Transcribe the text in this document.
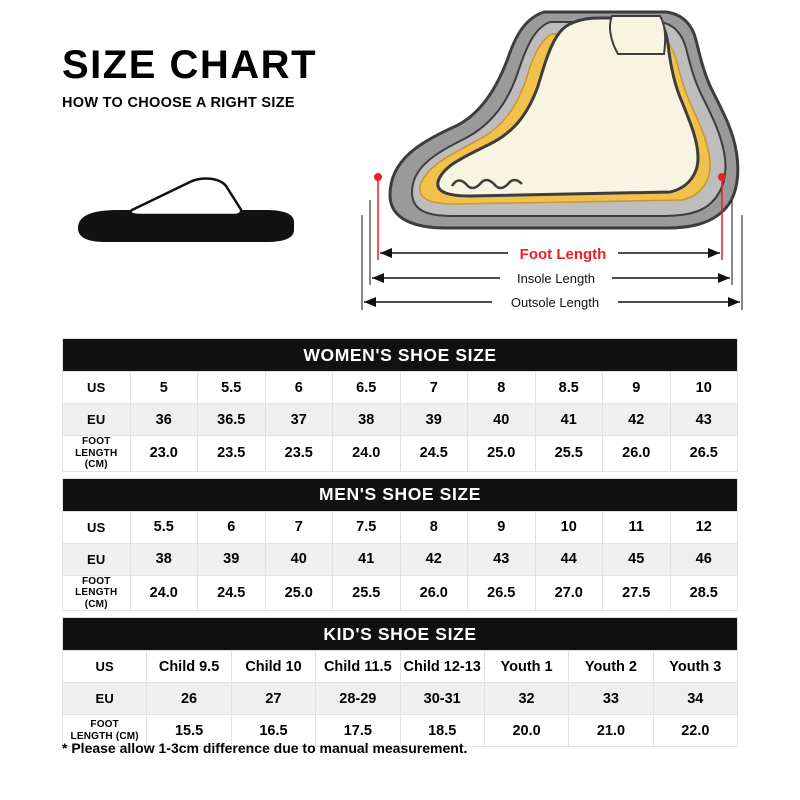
SIZE CHART
HOW TO CHOOSE A RIGHT SIZE
Foot Length
Insole Length
Outsole Length
WOMEN'S SHOE SIZE									
US	5	5.5	6	6.5	7	8	8.5	9	10
EU	36	36.5	37	38	39	40	41	42	43
FOOT
LENGTH (CM)	23.0	23.5	23.5	24.0	24.5	25.0	25.5	26.0	26.5
MEN'S SHOE SIZE									
US	5.5	6	7	7.5	8	9	10	11	12
EU	38	39	40	41	42	43	44	45	46
FOOT
LENGTH (CM)	24.0	24.5	25.0	25.5	26.0	26.5	27.0	27.5	28.5
KID'S SHOE SIZE							
US	Child 9.5	Child 10	Child 11.5	Child 12-13	Youth 1	Youth 2	Youth 3
EU	26	27	28-29	30-31	32	33	34
FOOT
LENGTH (CM)	15.5	16.5	17.5	18.5	20.0	21.0	22.0
* Please allow 1-3cm difference due to manual measurement.
